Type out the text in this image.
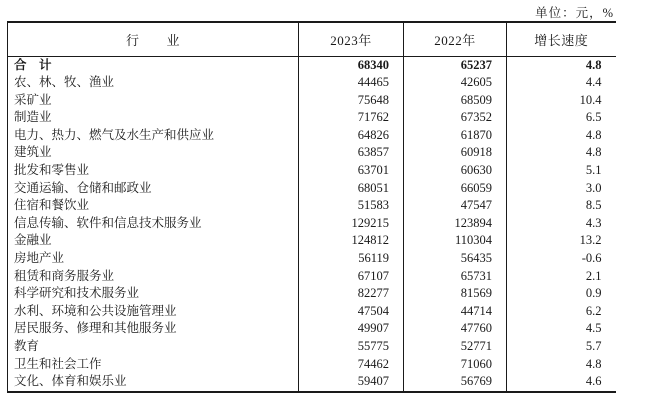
单位：元，%
行　　业	2023年	2022年	增长速度
合　计	68340	65237	4.8
农、林、牧、渔业	44465	42605	4.4
采矿业	75648	68509	10.4
制造业	71762	67352	6.5
电力、热力、燃气及水生产和供应业	64826	61870	4.8
建筑业	63857	60918	4.8
批发和零售业	63701	60630	5.1
交通运输、仓储和邮政业	68051	66059	3.0
住宿和餐饮业	51583	47547	8.5
信息传输、软件和信息技术服务业	129215	123894	4.3
金融业	124812	110304	13.2
房地产业	56119	56435	-0.6
租赁和商务服务业	67107	65731	2.1
科学研究和技术服务业	82277	81569	0.9
水利、环境和公共设施管理业	47504	44714	6.2
居民服务、修理和其他服务业	49907	47760	4.5
教育	55775	52771	5.7
卫生和社会工作	74462	71060	4.8
文化、体育和娱乐业	59407	56769	4.6
